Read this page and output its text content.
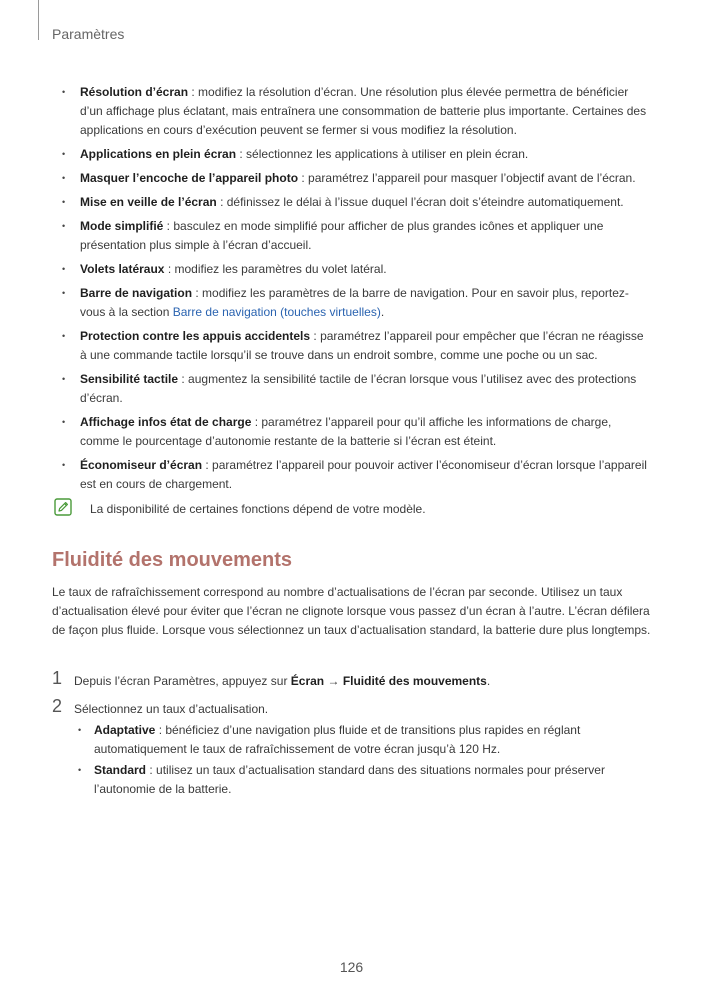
Paramètres
• Résolution d’écran : modifiez la résolution d’écran. Une résolution plus élevée permettra de bénéficier d’un affichage plus éclatant, mais entraînera une consommation de batterie plus importante. Certaines des applications en cours d’exécution peuvent se fermer si vous modifiez la résolution.
• Applications en plein écran : sélectionnez les applications à utiliser en plein écran.
• Masquer l’encoche de l’appareil photo : paramétrez l’appareil pour masquer l’objectif avant de l’écran.
• Mise en veille de l’écran : définissez le délai à l’issue duquel l’écran doit s’éteindre automatiquement.
• Mode simplifié : basculez en mode simplifié pour afficher de plus grandes icônes et appliquer une présentation plus simple à l’écran d’accueil.
• Volets latéraux : modifiez les paramètres du volet latéral.
• Barre de navigation : modifiez les paramètres de la barre de navigation. Pour en savoir plus, reportez-vous à la section Barre de navigation (touches virtuelles).
• Protection contre les appuis accidentels : paramétrez l’appareil pour empêcher que l’écran ne réagisse à une commande tactile lorsqu’il se trouve dans un endroit sombre, comme une poche ou un sac.
• Sensibilité tactile : augmentez la sensibilité tactile de l’écran lorsque vous l’utilisez avec des protections d’écran.
• Affichage infos état de charge : paramétrez l’appareil pour qu’il affiche les informations de charge, comme le pourcentage d’autonomie restante de la batterie si l’écran est éteint.
• Économiseur d’écran : paramétrez l’appareil pour pouvoir activer l’économiseur d’écran lorsque l’appareil est en cours de chargement.
La disponibilité de certaines fonctions dépend de votre modèle.
Fluidité des mouvements

Le taux de rafraîchissement correspond au nombre d’actualisations de l’écran par seconde. Utilisez un taux d’actualisation élevé pour éviter que l’écran ne clignote lorsque vous passez d’un écran à l’autre. L’écran défilera de façon plus fluide. Lorsque vous sélectionnez un taux d’actualisation standard, la batterie dure plus longtemps.

1 Depuis l’écran Paramètres, appuyez sur Écran → Fluidité des mouvements.
2 Sélectionnez un taux d’actualisation.
• Adaptative : bénéficiez d’une navigation plus fluide et de transitions plus rapides en réglant automatiquement le taux de rafraîchissement de votre écran jusqu’à 120 Hz.
• Standard : utilisez un taux d’actualisation standard dans des situations normales pour préserver l’autonomie de la batterie.
126
